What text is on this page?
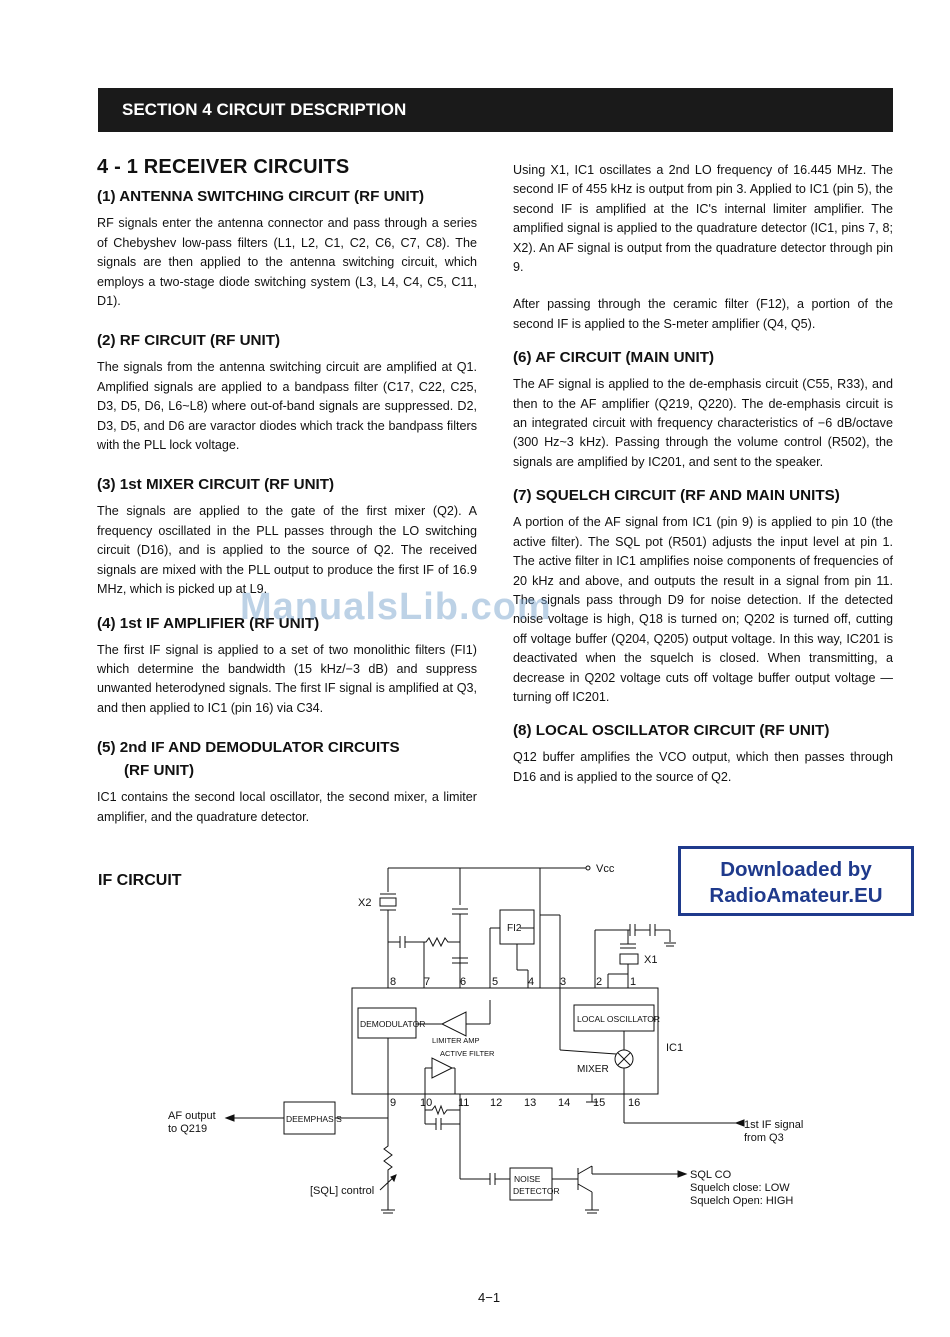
SECTION 4 CIRCUIT DESCRIPTION
4 - 1 RECEIVER CIRCUITS
(1) ANTENNA SWITCHING CIRCUIT (RF UNIT)

RF signals enter the antenna connector and pass through a series of Chebyshev low-pass filters (L1, L2, C1, C2, C6, C7, C8). The signals are then applied to the antenna switching circuit, which employs a two-stage diode switching system (L3, L4, C4, C5, C11, D1).

(2) RF CIRCUIT (RF UNIT)

The signals from the antenna switching circuit are amplified at Q1. Amplified signals are applied to a bandpass filter (C17, C22, C25, D3, D5, D6, L6~L8) where out-of-band signals are suppressed. D2, D3, D5, and D6 are varactor diodes which track the bandpass filters with the PLL lock voltage.

(3) 1st MIXER CIRCUIT (RF UNIT)

The signals are applied to the gate of the first mixer (Q2). A frequency oscillated in the PLL passes through the LO switching circuit (D16), and is applied to the source of Q2. The received signals are mixed with the PLL output to produce the first IF of 16.9 MHz, which is picked up at L9.

(4) 1st IF AMPLIFIER (RF UNIT)

The first IF signal is applied to a set of two monolithic filters (FI1) which determine the bandwidth (15 kHz/−3 dB) and suppress unwanted heterodyned signals. The first IF signal is amplified at Q3, and then applied to IC1 (pin 16) via C34.

(5) 2nd IF AND DEMODULATOR CIRCUITS
(RF UNIT)

IC1 contains the second local oscillator, the second mixer, a limiter amplifier, and the quadrature detector.

Using X1, IC1 oscillates a 2nd LO frequency of 16.445 MHz. The second IF of 455 kHz is output from pin 3. Applied to IC1 (pin 5), the second IF is amplified at the IC's internal limiter amplifier. The amplified signal is applied to the quadrature detector (IC1, pins 7, 8; X2). An AF signal is output from the quadrature detector through pin 9.

After passing through the ceramic filter (F12), a portion of the second IF is applied to the S-meter amplifier (Q4, Q5).

(6) AF CIRCUIT (MAIN UNIT)

The AF signal is applied to the de-emphasis circuit (C55, R33), and then to the AF amplifier (Q219, Q220). The de-emphasis circuit is an integrated circuit with frequency characteristics of −6 dB/octave (300 Hz~3 kHz). Passing through the volume control (R502), the signals are amplified by IC201, and sent to the speaker.

(7) SQUELCH CIRCUIT (RF AND MAIN UNITS)

A portion of the AF signal from IC1 (pin 9) is applied to pin 10 (the active filter). The SQL pot (R501) adjusts the input level at pin 1. The active filter in IC1 amplifies noise components of frequencies of 20 kHz and above, and outputs the result in a signal from pin 11. The signals pass through D9 for noise detection. If the detected noise voltage is high, Q18 is turned on; Q202 is turned off, cutting off voltage buffer (Q204, Q205) output voltage. In this way, IC201 is deactivated when the squelch is closed. When transmitting, a decrease in Q202 voltage cuts off voltage buffer output voltage — turning off IC201.

(8) LOCAL OSCILLATOR CIRCUIT (RF UNIT)

Q12 buffer amplifies the VCO output, which then passes through D16 and is applied to the source of Q2.

ManualsLib.com
IF CIRCUIT	Downloaded by
RadioAmateur.EU
Vcc
X2
X1
FI2
DEMODULATOR	LOCAL OSCILLATOR
LIMITER AMP
ACTIVE FILTER
MIXER
IC1
DEEMPHASIS
NOISE
DETECTOR
AF output
to Q219
[SQL] control
1st IF signal
from Q3
SQL CO
Squelch close: LOW
Squelch Open: HIGH
8	7	6 5	4 3	2	1
9 10 11 12 13 14 15 16
4−1
